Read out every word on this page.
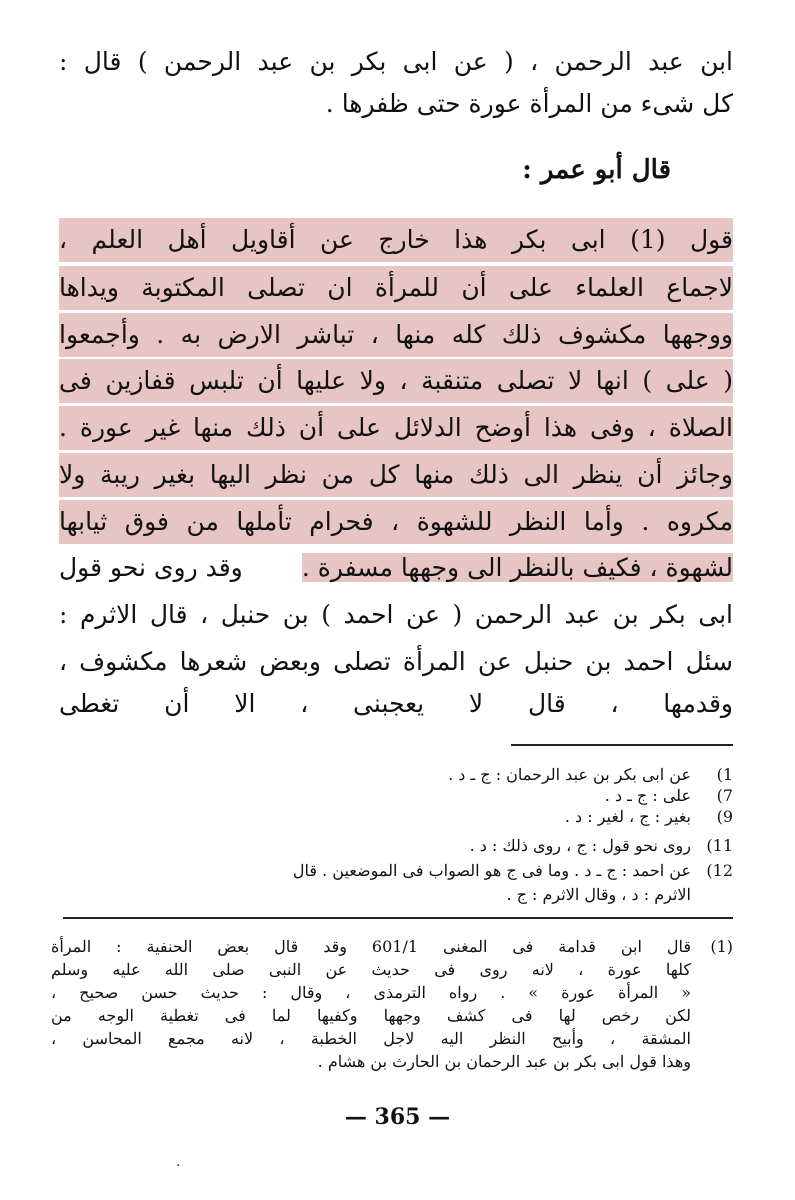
ابن عبد الرحمن ، ( عن ابى بكر بن عبد الرحمن ) قال :
كل شىء من المرأة عورة حتى ظفرها .
قال أبو عمر :
قول (1) ابى بكر هذا خارج عن أقاويل أهل العلم ،
لاجماع العلماء على أن للمرأة ان تصلى المكتوبة ويداها
ووجهها مكشوف ذلك كله منها ، تباشر الارض به . وأجمعوا
( على ) انها لا تصلى متنقبة ، ولا عليها أن تلبس قفازين فى
الصلاة ، وفى هذا أوضح الدلائل على أن ذلك منها غير عورة .
وجائز أن ينظر الى ذلك منها كل من نظر اليها بغير ريبة ولا
مكروه . وأما النظر للشهوة ، فحرام تأملها من فوق ثيابها
لشهوة ، فكيف بالنظر الى وجهها مسفرة .
وقد روى نحو قول
ابى بكر بن عبد الرحمن ( عن احمد ) بن حنبل ، قال الاثرم :
سئل احمد بن حنبل عن المرأة تصلى وبعض شعرها مكشوف ،
وقدمها ، قال لا يعجبنى ، الا أن تغطى
1)
عن ابى بكر بن عبد الرحمان : ج ـ د .
7)
على : ج ـ د .
9)
بغير : ج ، لغير : د .
11)
روى نحو قول : ج ، روى ذلك : د .
12)
عن احمد : ج ـ د . وما فى ج هو الصواب فى الموضعين . قال
الاثرم : د ، وقال الاثرم : ج .
(1)
قال ابن قدامة فى المغنى 601/1 وقد قال بعض الحنفية : المرأة
كلها عورة ، لانه روى فى حديث عن النبى صلى الله عليه وسلم
« المرأة عورة » . رواه الترمذى ، وقال : حديث حسن صحيح ،
لكن رخص لها فى كشف وجهها وكفيها لما فى تغطية الوجه من
المشقة ، وأبيح النظر اليه لاجل الخطبة ، لانه مجمع المحاسن ،
وهذا قول ابى بكر بن عبد الرحمان بن الحارث بن هشام .
— 365 —
·
